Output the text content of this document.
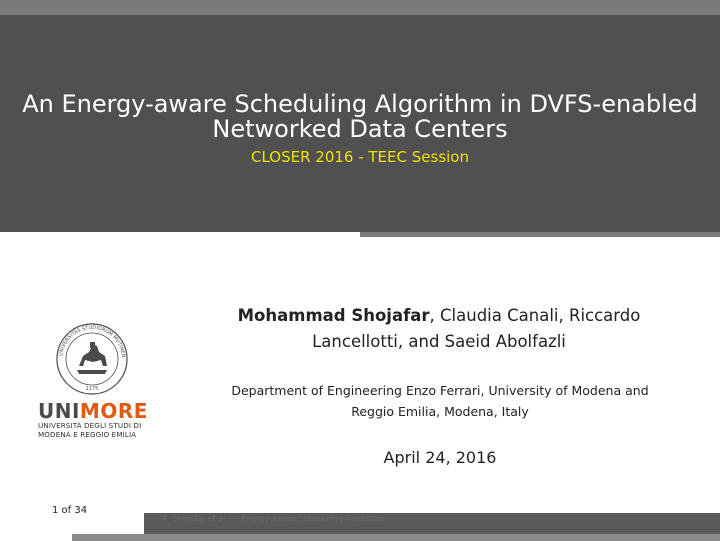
An Energy-aware Scheduling Algorithm in DVFS-enabled
Networked Data Centers
CLOSER 2016 - TEEC Session
Mohammad Shojafar, Claudia Canali, Riccardo
Lancellotti, and Saeid Abolfazli
Department of Engineering Enzo Ferrari, University of Modena and
Reggio Emilia, Modena, Italy
April 24, 2016
UNIVERSITAS STUDIORUM MUTINEN
1175
UNIMORE
UNIVERSITÀ DEGLI STUDI DI
MODENA E REGGIO EMILIA
M. Shojafar et al. — Energy-aware Scheduling Algorithm
1 of 34
